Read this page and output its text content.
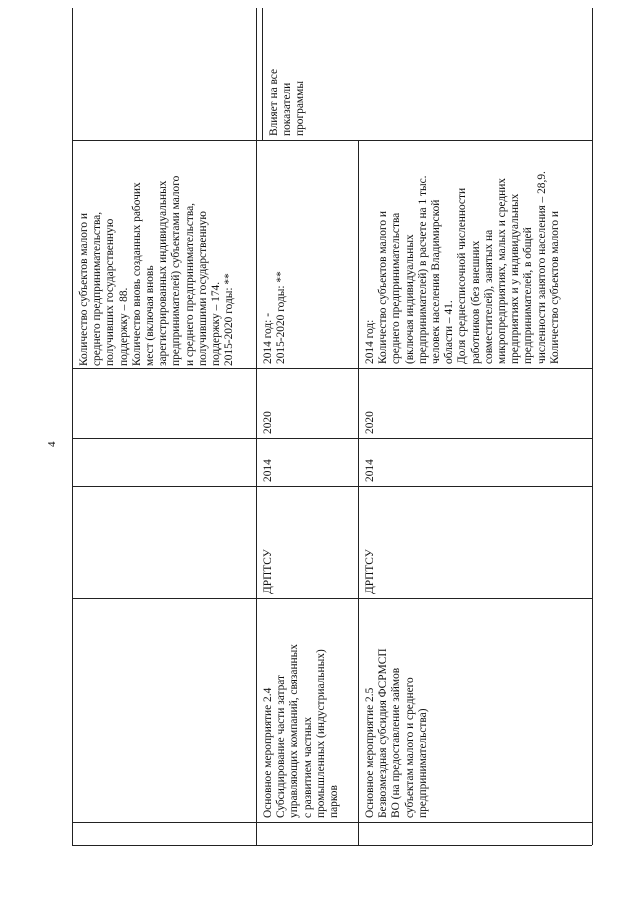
4
Количество субъектов малого и среднего предпринимательства, получивших государственную поддержку – 88. Количество вновь созданных рабочих мест (включая вновь зарегистрированных индивидуальных предпринимателей) субъектами малого и среднего предпринимательства, получившими государственную поддержку – 174. 2015-2020 годы: **
Влияет на все показатели программы
Основное мероприятие 2.4 Субсидирование части затрат управляющих компаний, связанных с развитием частных промышленных (индустриальных) парков
ДРПТСУ
2014
2020
2014 год: - 2015-2020 годы: **
Основное мероприятие 2.5 Безвозмездная субсидия ФСРМСП ВО (на предоставление займов субъектам малого и среднего предпринимательства)
ДРПТСУ
2014
2020
2014 год: Количество субъектов малого и среднего предпринимательства (включая индивидуальных предпринимателей) в расчете на 1 тыс. человек населения Владимирской области – 41. Доля среднесписочной численности работников (без внешних совместителей), занятых на микропредприятиях, малых и средних предприятиях и у индивидуальных предпринимателей, в общей численности занятого населения – 28,9. Количество субъектов малого и
